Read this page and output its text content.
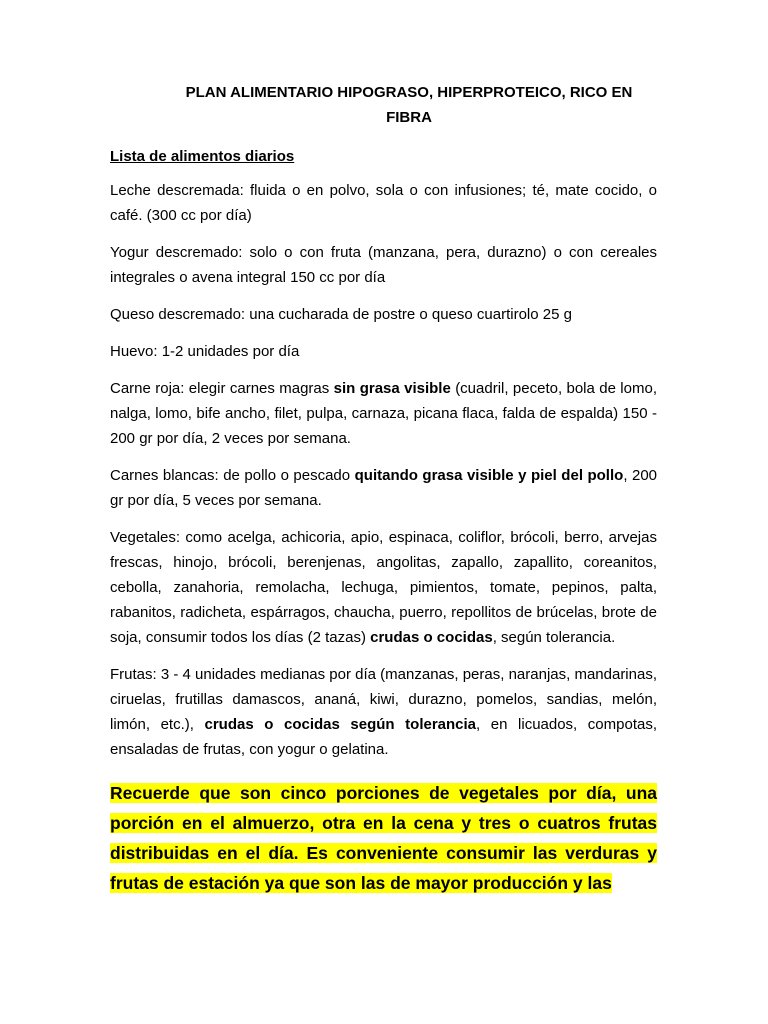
PLAN ALIMENTARIO HIPOGRASO, HIPERPROTEICO, RICO EN
FIBRA
Lista de alimentos diarios

Leche descremada: fluida o en polvo, sola o con infusiones; té, mate cocido, o café. (300 cc por día)

Yogur descremado: solo o con fruta (manzana, pera, durazno) o con cereales integrales o avena integral 150 cc por día

Queso descremado: una cucharada de postre o queso cuartirolo 25 g

Huevo: 1-2 unidades por día

Carne roja: elegir carnes magras sin grasa visible (cuadril, peceto, bola de lomo, nalga, lomo, bife ancho, filet, pulpa, carnaza, picana flaca, falda de espalda) 150 - 200 gr por día, 2 veces por semana.

Carnes blancas: de pollo o pescado quitando grasa visible y piel del pollo, 200 gr por día, 5 veces por semana.

Vegetales: como acelga, achicoria, apio, espinaca, coliflor, brócoli, berro, arvejas frescas, hinojo, brócoli, berenjenas, angolitas, zapallo, zapallito, coreanitos, cebolla, zanahoria, remolacha, lechuga, pimientos, tomate, pepinos, palta, rabanitos, radicheta, espárragos, chaucha, puerro, repollitos de brúcelas, brote de soja, consumir todos los días (2 tazas) crudas o cocidas, según tolerancia.

Frutas: 3 - 4 unidades medianas por día (manzanas, peras, naranjas, mandarinas, ciruelas, frutillas damascos, ananá, kiwi, durazno, pomelos, sandias, melón, limón, etc.), crudas o cocidas según tolerancia, en licuados, compotas, ensaladas de frutas, con yogur o gelatina.

Recuerde que son cinco porciones de vegetales por día, una porción en el almuerzo, otra en la cena y tres o cuatros frutas distribuidas en el día. Es conveniente consumir las verduras y frutas de estación ya que son las de mayor producción y las
